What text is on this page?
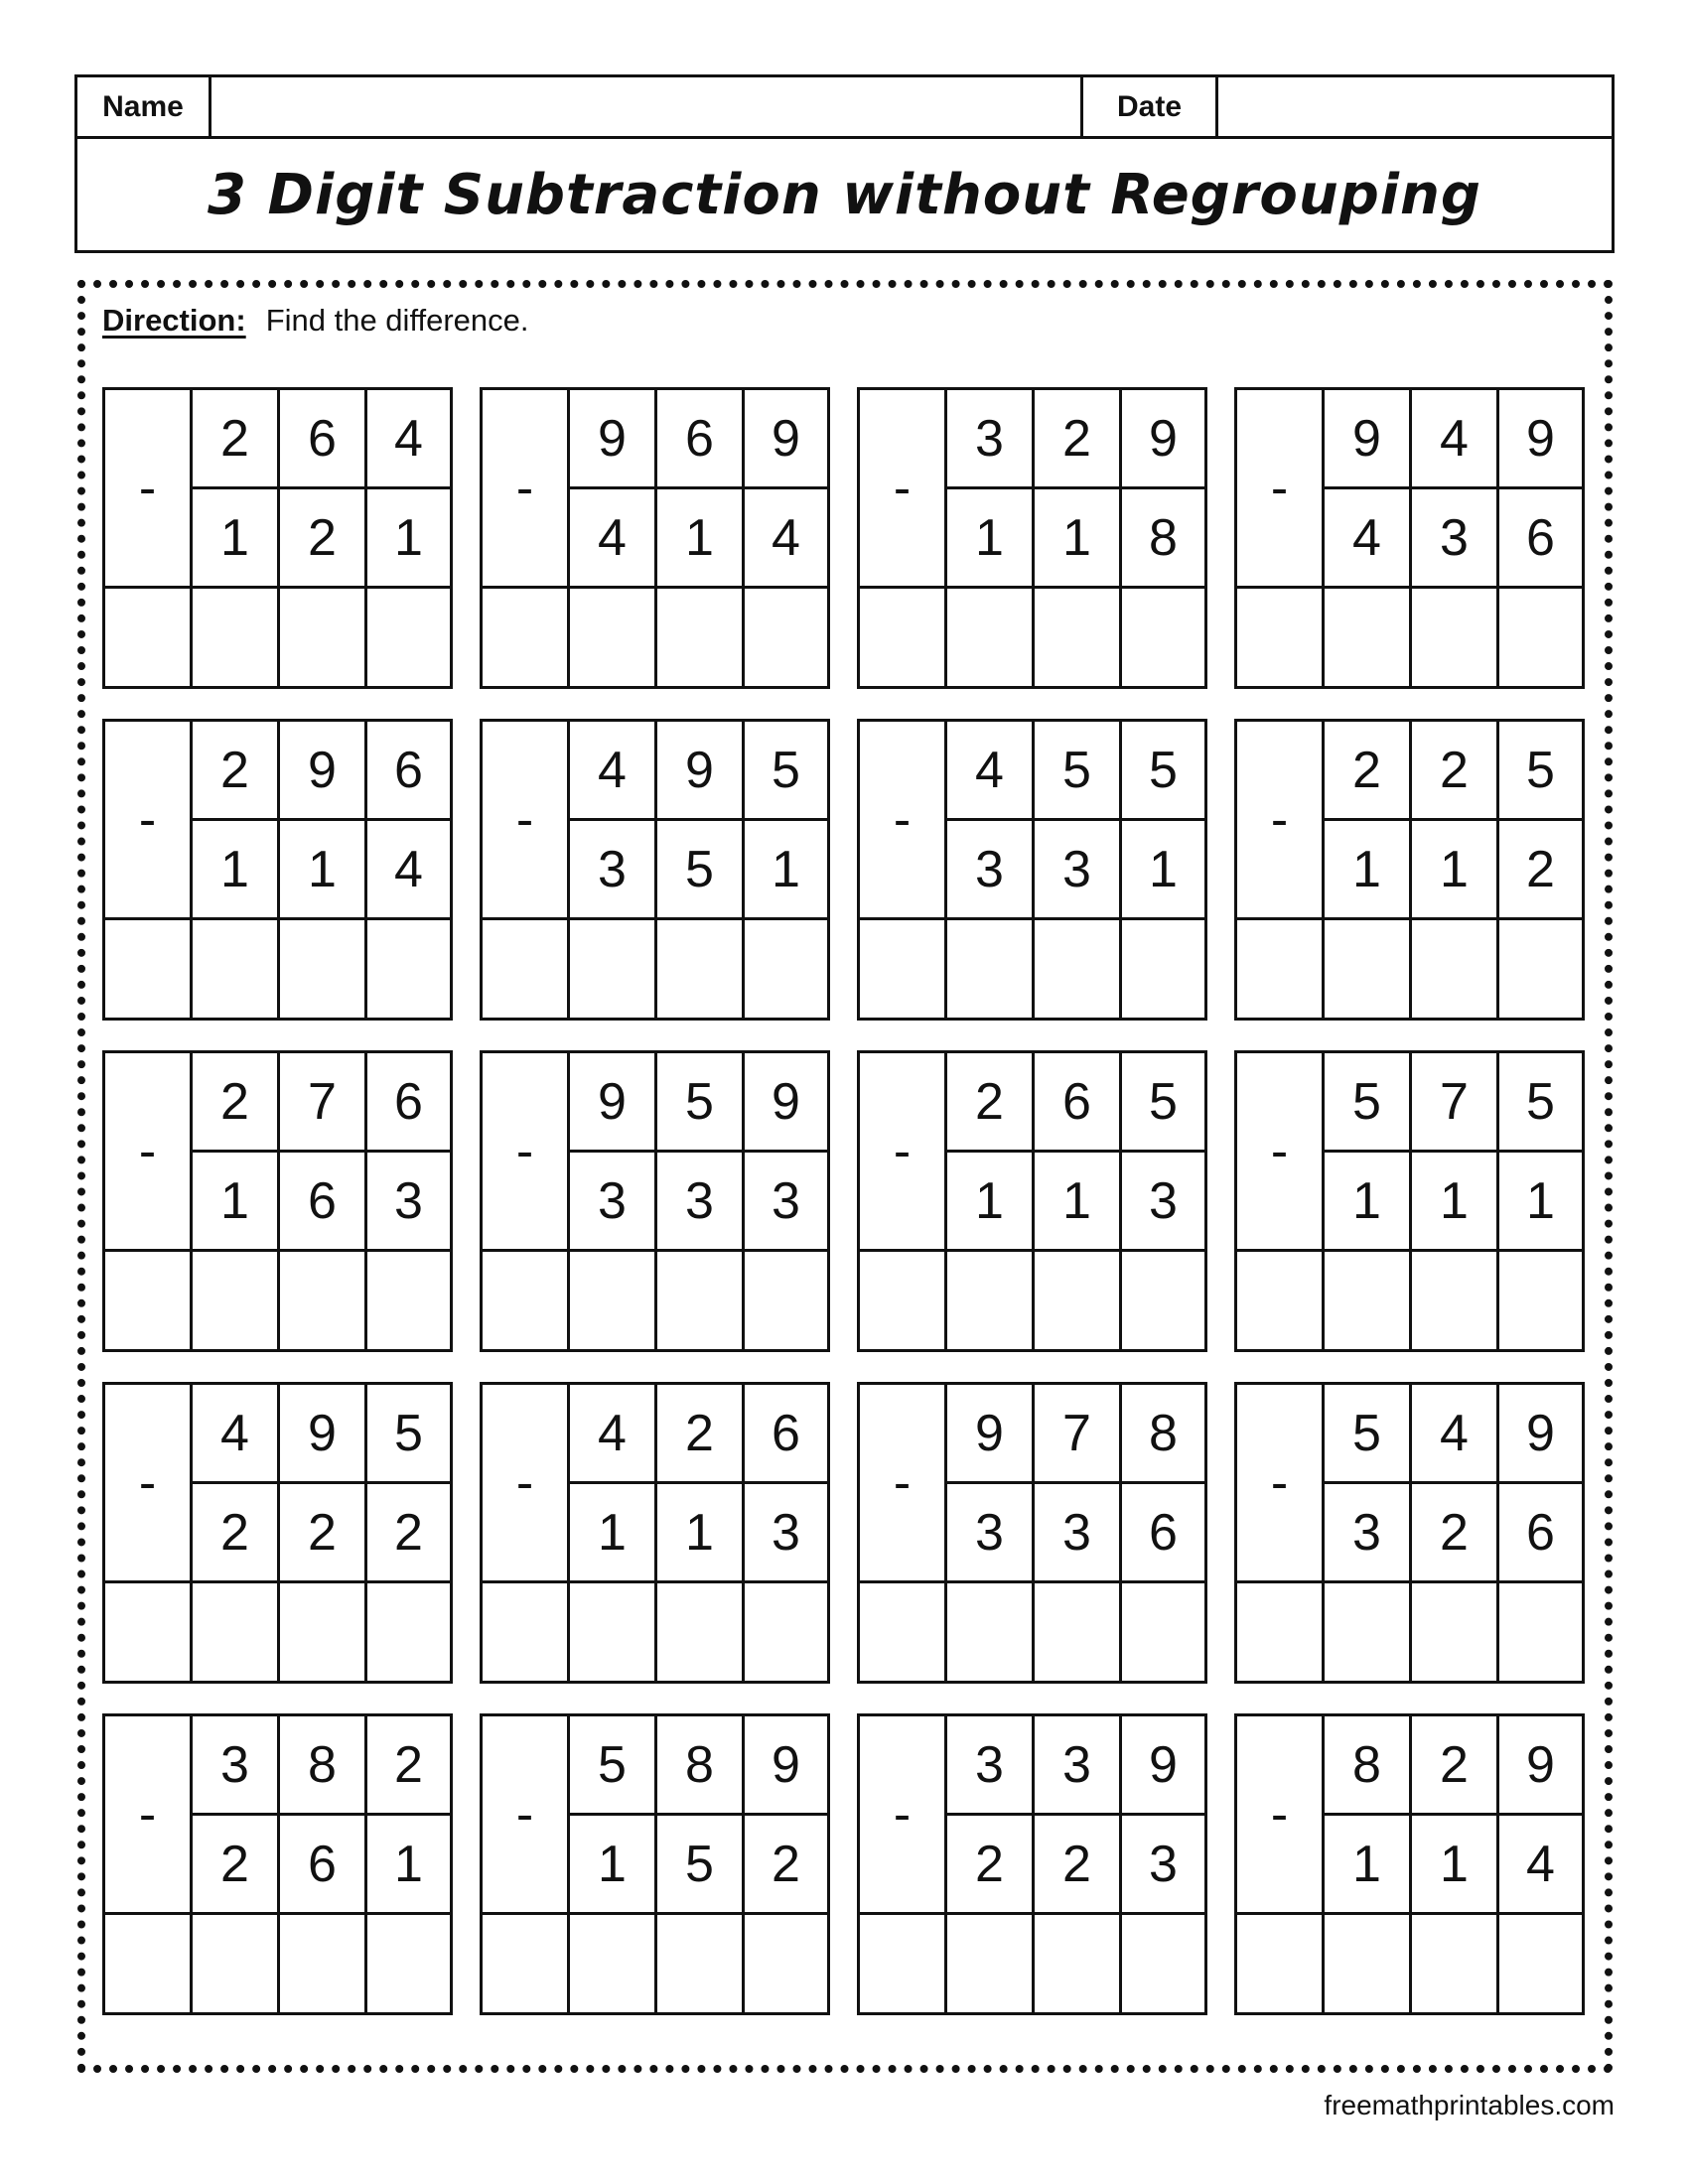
Name	Date
3 Digit Subtraction without Regrouping
Direction: Find the difference.
-
2	6	4
1	2	1
-
9	6	9
4	1	4
-
3	2	9
1	1	8
-
9	4	9
4	3	6
-
2	9	6
1	1	4
-
4	9	5
3	5	1
-
4	5	5
3	3	1
-
2	2	5
1	1	2
-
2	7	6
1	6	3
-
9	5	9
3	3	3
-
2	6	5
1	1	3
-
5	7	5
1	1	1
-
4	9	5
2	2	2
-
4	2	6
1	1	3
-
9	7	8
3	3	6
-
5	4	9
3	2	6
-
3	8	2
2	6	1
-
5	8	9
1	5	2
-
3	3	9
2	2	3
-
8	2	9
1	1	4
freemathprintables.com
